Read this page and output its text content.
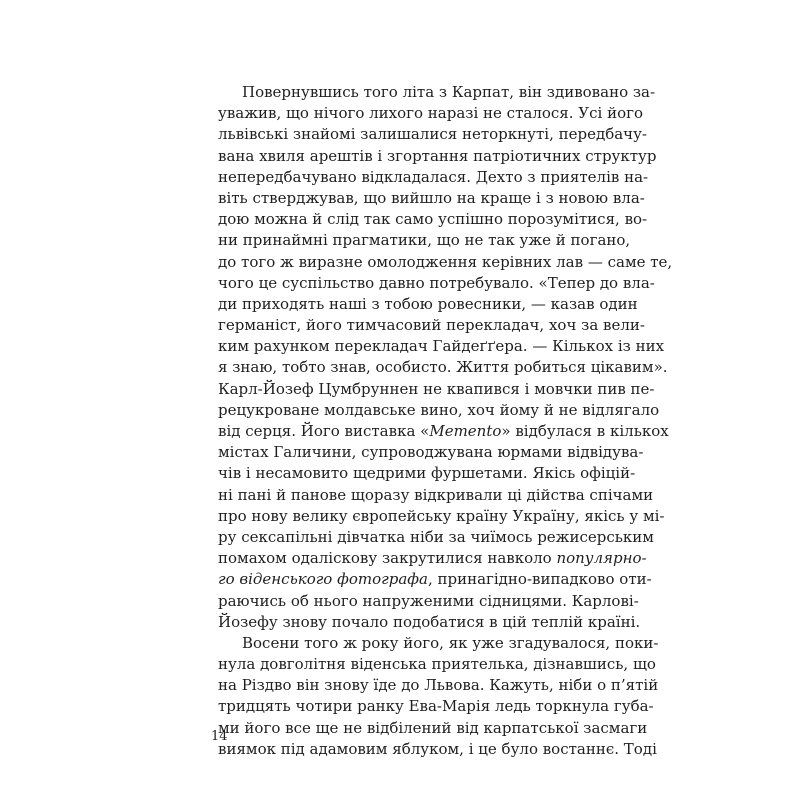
Повернувшись того літа з Карпат, він здивовано за-
уважив, що нічого лихого наразі не сталося. Усі його
львівські знайомі залишалися неторкнуті, передбачу-
вана хвиля арештів і згортання патріотичних структур
непередбачувано відкладалася. Дехто з приятелів на-
віть стверджував, що вийшло на краще і з новою вла-
дою можна й слід так само успішно порозумітися, во-
ни принаймні прагматики, що не так уже й погано,
до того ж виразне омолодження керівних лав — саме те,
чого це суспільство давно потребувало. «Тепер до вла-
ди приходять наші з тобою ровесники, — казав один
германіст, його тимчасовий перекладач, хоч за вели-
ким рахунком перекладач Гайдеґґера. — Кількох із них
я знаю, тобто знав, особисто. Життя робиться цікавим».
Карл-Йозеф Цумбруннен не квапився і мовчки пив пе-
рецукроване молдавське вино, хоч йому й не відлягало
від серця. Його виставка «Memento» відбулася в кількох
містах Галичини, супроводжувана юрмами відвідува-
чів і несамовито щедрими фуршетами. Якісь офіцій-
ні пані й панове щоразу відкривали ці дійства спічами
про нову велику європейську країну Україну, якісь у мі-
ру сексапільні дівчатка ніби за чиїмось режисерським
помахом одаліскову закрутилися навколо популярно-
го віденського фотографа, принагідно-випадково оти-
раючись об нього напруженими сідницями. Карлові-
Йозефу знову почало подобатися в цій теплій країні.
Восени того ж року його, як уже згадувалося, поки-
нула довголітня віденська приятелька, дізнавшись, що
на Різдво він знову їде до Львова. Кажуть, ніби о п’ятій
тридцять чотири ранку Ева-Марія ледь торкнула губа-
ми його все ще не відбілений від карпатської засмаги
виямок під адамовим яблуком, і це було востаннє. Тоді
14
